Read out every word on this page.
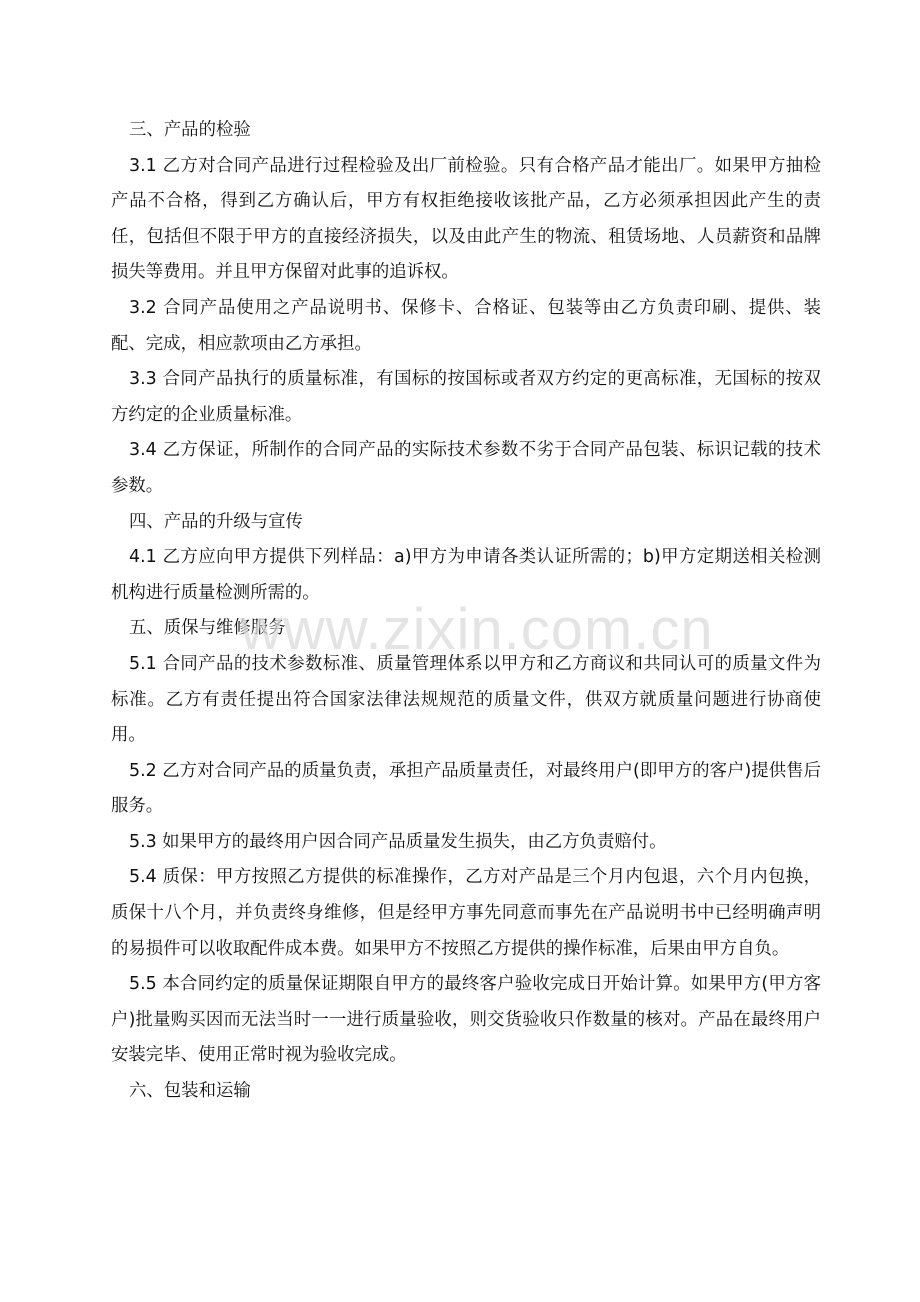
三、产品的检验

3.1 乙方对合同产品进行过程检验及出厂前检验。只有合格产品才能出厂。如果甲方抽检产品不合格，得到乙方确认后，甲方有权拒绝接收该批产品，乙方必须承担因此产生的责任，包括但不限于甲方的直接经济损失，以及由此产生的物流、租赁场地、人员薪资和品牌损失等费用。并且甲方保留对此事的追诉权。

3.2 合同产品使用之产品说明书、保修卡、合格证、包装等由乙方负责印刷、提供、装配、完成，相应款项由乙方承担。

3.3 合同产品执行的质量标准，有国标的按国标或者双方约定的更高标准，无国标的按双方约定的企业质量标准。

3.4 乙方保证，所制作的合同产品的实际技术参数不劣于合同产品包装、标识记载的技术参数。

四、产品的升级与宣传

4.1 乙方应向甲方提供下列样品：a)甲方为申请各类认证所需的；b)甲方定期送相关检测机构进行质量检测所需的。

五、质保与维修服务

5.1 合同产品的技术参数标准、质量管理体系以甲方和乙方商议和共同认可的质量文件为标准。乙方有责任提出符合国家法律法规规范的质量文件，供双方就质量问题进行协商使用。

5.2 乙方对合同产品的质量负责，承担产品质量责任，对最终用户(即甲方的客户)提供售后服务。

5.3 如果甲方的最终用户因合同产品质量发生损失，由乙方负责赔付。

5.4 质保：甲方按照乙方提供的标准操作，乙方对产品是三个月内包退，六个月内包换，质保十八个月，并负责终身维修，但是经甲方事先同意而事先在产品说明书中已经明确声明的易损件可以收取配件成本费。如果甲方不按照乙方提供的操作标准，后果由甲方自负。

5.5 本合同约定的质量保证期限自甲方的最终客户验收完成日开始计算。如果甲方(甲方客户)批量购买因而无法当时一一进行质量验收，则交货验收只作数量的核对。产品在最终用户安装完毕、使用正常时视为验收完成。

六、包装和运输

www.zixin.com.cn
